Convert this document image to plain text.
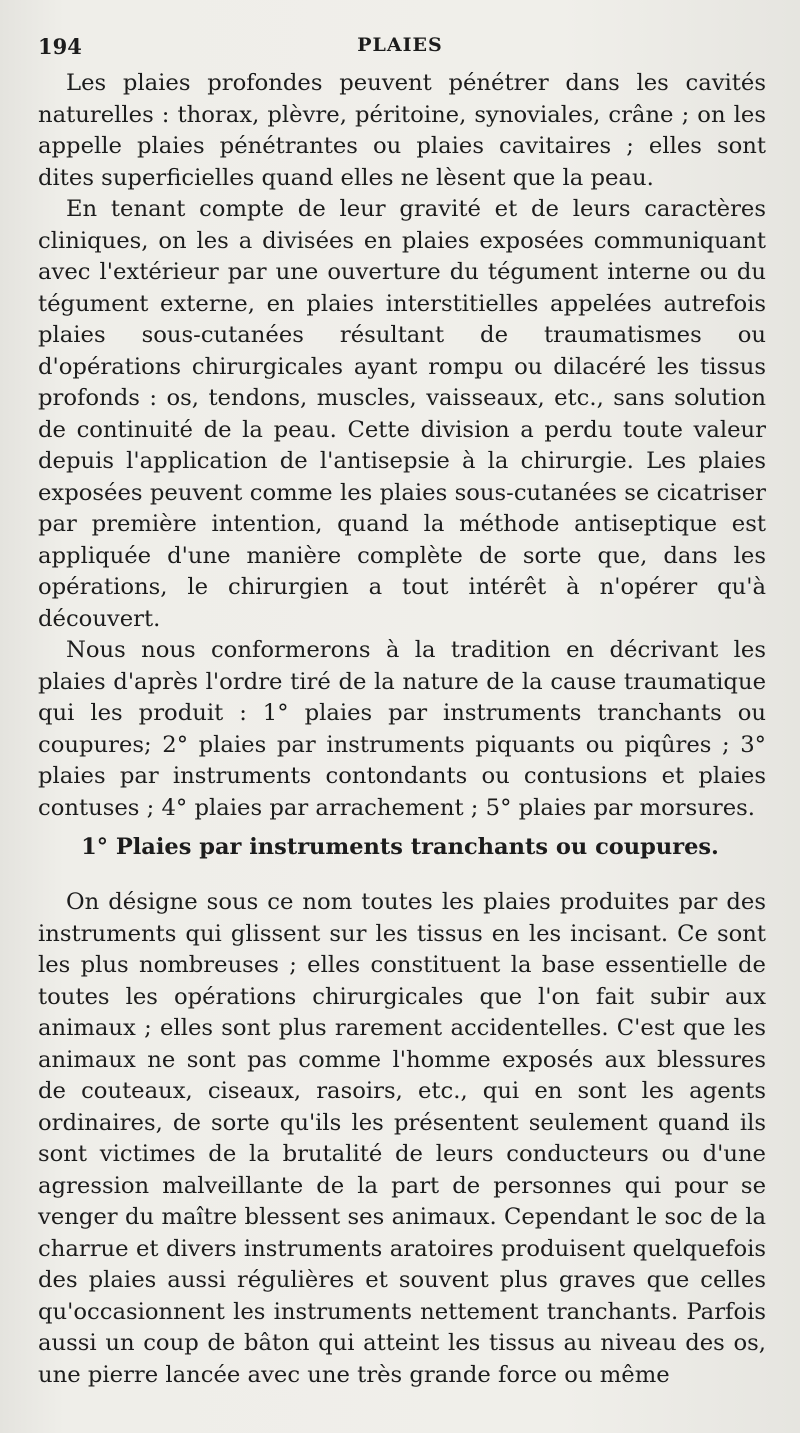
194	PLAIES

Les plaies profondes peuvent pénétrer dans les cavités naturelles : thorax, plèvre, péritoine, synoviales, crâne ; on les appelle plaies pénétrantes ou plaies cavitaires ; elles sont dites superficielles quand elles ne lèsent que la peau.

En tenant compte de leur gravité et de leurs caractères cliniques, on les a divisées en plaies exposées communiquant avec l'extérieur par une ouverture du tégument interne ou du tégument externe, en plaies interstitielles appelées autrefois plaies sous-cutanées résultant de traumatismes ou d'opérations chirurgicales ayant rompu ou dilacéré les tissus profonds : os, tendons, muscles, vaisseaux, etc., sans solution de continuité de la peau. Cette division a perdu toute valeur depuis l'application de l'antisepsie à la chirurgie. Les plaies exposées peuvent comme les plaies sous-cutanées se cicatriser par première intention, quand la méthode antiseptique est appliquée d'une manière complète de sorte que, dans les opérations, le chirurgien a tout intérêt à n'opérer qu'à découvert.

Nous nous conformerons à la tradition en décrivant les plaies d'après l'ordre tiré de la nature de la cause traumatique qui les produit : 1° plaies par instruments tranchants ou coupures; 2° plaies par instruments piquants ou piqûres ; 3° plaies par instruments contondants ou contusions et plaies contuses ; 4° plaies par arrachement ; 5° plaies par morsures.

1° Plaies par instruments tranchants ou coupures.

On désigne sous ce nom toutes les plaies produites par des instruments qui glissent sur les tissus en les incisant. Ce sont les plus nombreuses ; elles constituent la base essentielle de toutes les opérations chirurgicales que l'on fait subir aux animaux ; elles sont plus rarement accidentelles. C'est que les animaux ne sont pas comme l'homme exposés aux blessures de couteaux, ciseaux, rasoirs, etc., qui en sont les agents ordinaires, de sorte qu'ils les présentent seulement quand ils sont victimes de la brutalité de leurs conducteurs ou d'une agression malveillante de la part de personnes qui pour se venger du maître blessent ses animaux. Cependant le soc de la charrue et divers instruments aratoires produisent quelquefois des plaies aussi régulières et souvent plus graves que celles qu'occasionnent les instruments nettement tranchants. Parfois aussi un coup de bâton qui atteint les tissus au niveau des os, une pierre lancée avec une très grande force ou même
